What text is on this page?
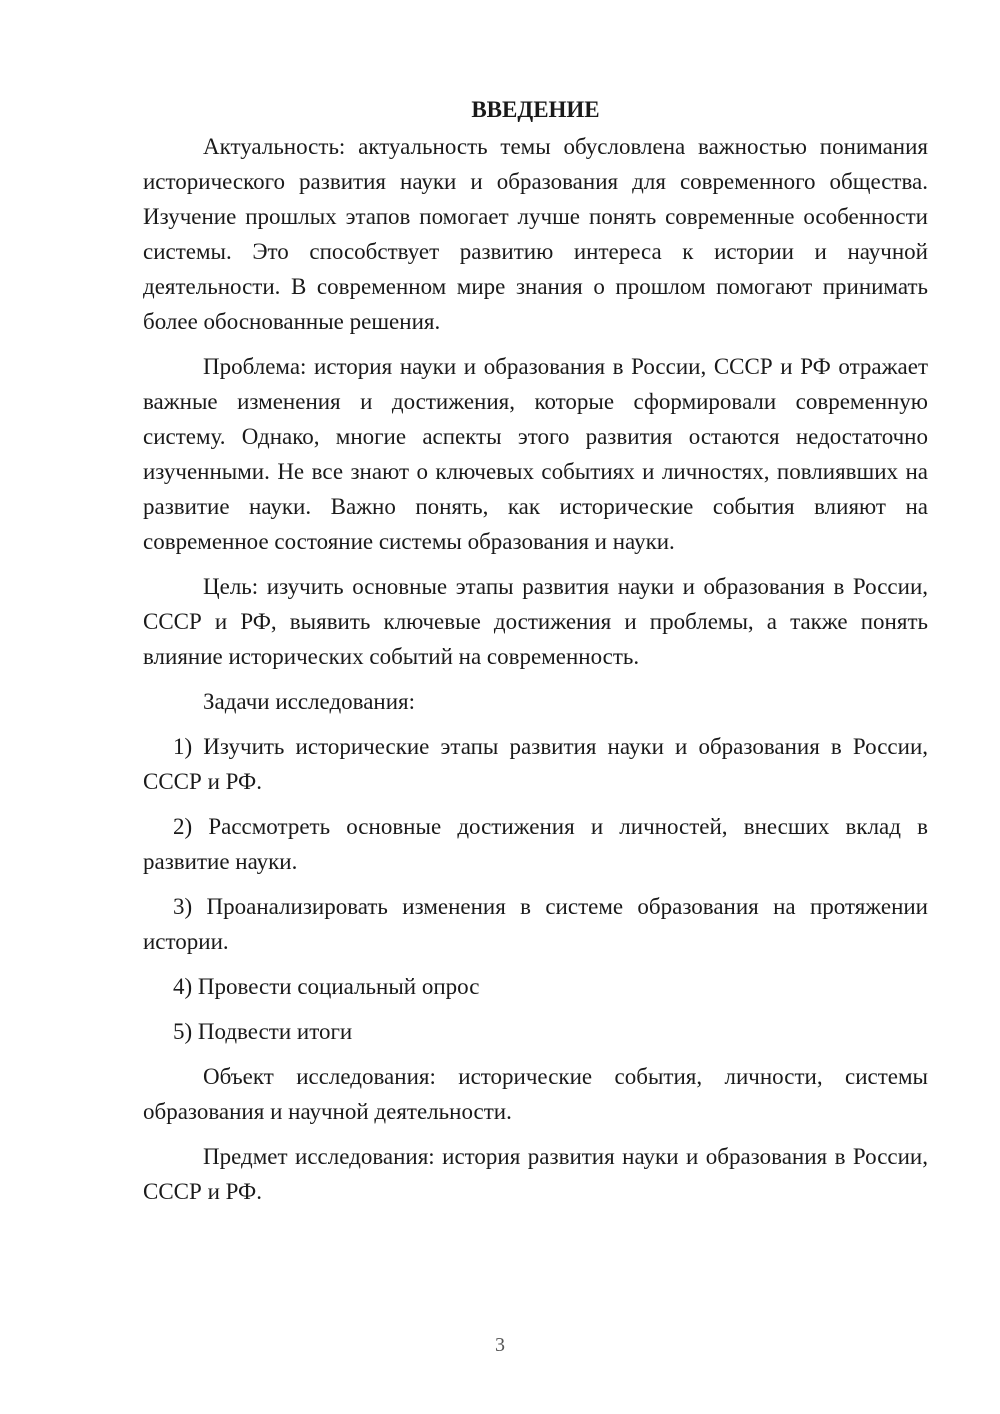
ВВЕДЕНИЕ

Актуальность: актуальность темы обусловлена важностью понимания исторического развития науки и образования для современного общества. Изучение прошлых этапов помогает лучше понять современные особенности системы. Это способствует развитию интереса к истории и научной деятельности. В современном мире знания о прошлом помогают принимать более обоснованные решения.

Проблема: история науки и образования в России, СССР и РФ отражает важные изменения и достижения, которые сформировали современную систему. Однако, многие аспекты этого развития остаются недостаточно изученными. Не все знают о ключевых событиях и личностях, повлиявших на развитие науки. Важно понять, как исторические события влияют на современное состояние системы образования и науки.

Цель: изучить основные этапы развития науки и образования в России, СССР и РФ, выявить ключевые достижения и проблемы, а также понять влияние исторических событий на современность.

Задачи исследования:

1) Изучить исторические этапы развития науки и образования в России, СССР и РФ.

2) Рассмотреть основные достижения и личностей, внесших вклад в развитие науки.

3) Проанализировать изменения в системе образования на протяжении истории.

4) Провести социальный опрос

5) Подвести итоги

Объект исследования: исторические события, личности, системы образования и научной деятельности.

Предмет исследования: история развития науки и образования в России, СССР и РФ.

3
